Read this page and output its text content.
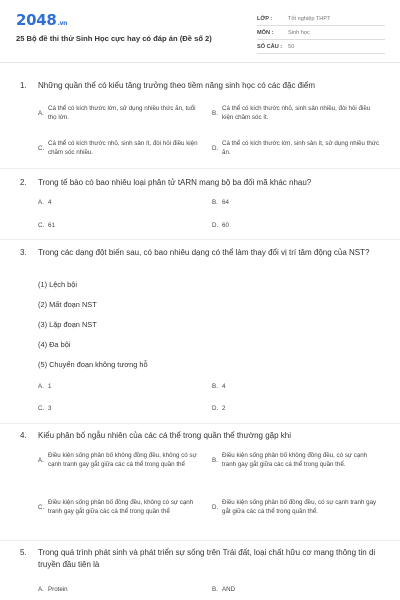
2048.vn
25 Bộ đề thi thử Sinh Học cực hay có đáp án (Đề số 2)
LỚP :	Tốt nghiệp THPT
MÔN :	Sinh học
SỐ CÂU :	50
1.	Những quần thể có kiểu tăng trưởng theo tiềm năng sinh học có các đặc điểm
A.
Cá thể có kích thước lớn, sử dụng nhiều thức ăn, tuổi thọ lớn.
B.
Cá thể có kích thước nhỏ, sinh sản nhiều, đòi hỏi điều kiện chăm sóc ít.
C.
Cá thể có kích thước nhỏ, sinh sản ít, đòi hỏi điều kiện chăm sóc nhiều.
D.
Cá thể có kích thước lớn, sinh sản ít, sử dụng nhiều thức ăn.
2.	Trong tế bào có bao nhiêu loại phân tử tARN mang bộ ba đối mã khác nhau?
A. 4	B. 64
C. 61	D. 60
3.	Trong các dạng đột biến sau, có bao nhiêu dạng có thể làm thay đổi vị trí tâm động của NST?
(1) Lệch bội
(2) Mất đoạn NST
(3) Lặp đoạn NST
(4) Đa bội
(5) Chuyển đoạn không tương hỗ
A. 1	B. 4
C. 3	D. 2
4.	Kiểu phân bố ngẫu nhiên của các cá thể trong quần thể thường gặp khi
A.
Điều kiện sống phân bố không đồng đều, không có sự cạnh tranh gay gắt giữa các cá thể trong quần thể
B.
Điều kiện sống phân bố không đồng đều, có sự cạnh tranh gay gắt giữa các cá thể trong quần thể.
C.
Điều kiện sống phân bố đồng đều, không có sự cạnh tranh gay gắt giữa các cá thể trong quần thể
D.
Điều kiện sống phân bố đồng đều, có sự cạnh tranh gay gắt giữa các cá thể trong quần thể.
5.	Trong quá trình phát sinh và phát triển sự sống trên Trái đất, loại chất hữu cơ mang thông tin di truyền đầu tiên là
A. Protein	B. AND
